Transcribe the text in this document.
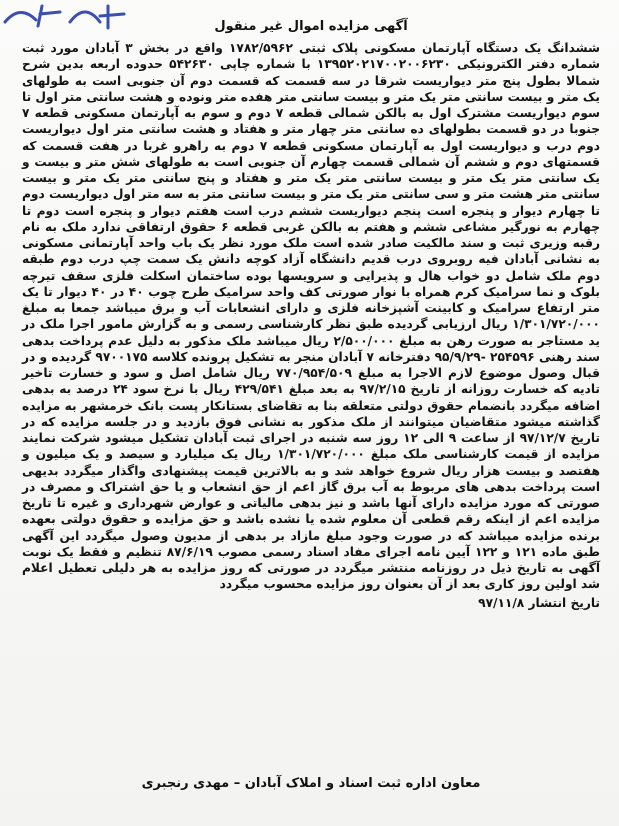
آگهی مزایده اموال غیر منقول

ششدانگ یک دستگاه آپارتمان مسکونی پلاک ثبتی ۱۷۸۲/۵۹۶۲ واقع در بخش ۳ آبادان مورد ثبت شماره دفتر الکترونیکی ۱۳۹۵۲۰۲۱۷۰۰۲۰۰۶۲۳۰ با شماره چاپی ۵۴۲۶۳۰ حدوده اربعه بدین شرح شمالا بطول پنج متر دیواریست شرقا در سه قسمت که قسمت دوم آن جنوبی است به طولهای یک متر و بیست سانتی متر یک متر و بیست سانتی متر هفده متر ونوده و هشت سانتی متر اول تا سوم دیواریست مشترک اول به بالکن شمالی قطعه ۷ دوم و سوم به آپارتمان مسکونی قطعه ۷ جنوبا در دو قسمت بطولهای ده سانتی متر چهار متر و هفتاد و هشت سانتی متر اول دیواریست دوم درب و دیواریست اول به آپارتمان مسکونی قطعه ۷ دوم به راهرو غربا در هفت قسمت که قسمتهای دوم و ششم آن شمالی قسمت چهارم آن جنوبی است به طولهای شش متر و بیست و یک سانتی متر یک متر و بیست سانتی متر یک متر و هفتاد و پنج سانتی متر یک متر و بیست سانتی متر هشت متر و سی سانتی متر یک متر و بیست سانتی متر به سه متر اول دیواریست دوم تا چهارم دیوار و پنجره است پنجم دیواریست ششم درب است هفتم دیوار و پنجره است دوم تا چهارم به نورگیر مشاعی ششم و هفتم به بالکن غربی قطعه ۶ حقوق ارتفاقی ندارد ملک به نام رقبه وزیری ثبت و سند مالکیت صادر شده است ملک مورد نظر یک باب واحد آپارتمانی مسکونی به نشانی آبادان فیه روبروی درب قدیم دانشگاه آزاد کوچه دانش یک سمت چپ درب دوم طبقه دوم ملک شامل دو خواب هال و پذیرایی و سرویسها بوده ساختمان اسکلت فلزی سقف تیرچه بلوک و نما سرامیک کرم همراه با نوار صورتی کف واحد سرامیک طرح چوب ۴۰ در ۴۰ دیوار تا یک متر ارتفاع سرامیک و کابینت آشپزخانه فلزی و دارای انشعابات آب و برق میباشد جمعا به مبلغ ۱/۳۰۱/۷۲۰/۰۰۰ ریال ارزیابی گردیده طبق نظر کارشناسی رسمی و به گزارش مامور اجرا ملک در ید مستاجر به صورت رهن به مبلغ ۲/۵۰۰/۰۰۰ ریال میباشد ملک مذکور به دلیل عدم پرداخت بدهی سند رهنی ۲۵۴۵۹۶ -۹۵/۹/۲۹ دفترخانه ۷ آبادان منجر به تشکیل پرونده کلاسه ۹۷۰۰۱۷۵ گردیده و در قبال وصول موضوع لازم الاجرا به مبلغ ۷۷۰/۹۵۴/۵۰۹ ریال شامل اصل و سود و خسارت تاخیر تادیه که خسارت روزانه از تاریخ ۹۷/۲/۱۵ به بعد مبلغ ۴۲۹/۵۴۱ ریال با نرخ سود ۲۴ درصد به بدهی اضافه میگردد بانضمام حقوق دولتی متعلقه بنا به تقاضای بستانکار پست بانک خرمشهر به مزایده گذاشته میشود متقاضیان میتوانند از ملک مذکور به نشانی فوق بازدید و در جلسه مزایده که در تاریخ ۹۷/۱۲/۷ از ساعت ۹ الی ۱۲ روز سه شنبه در اجرای ثبت آبادان تشکیل میشود شرکت نمایند مزایده از قیمت کارشناسی ملک مبلغ ۱/۳۰۱/۷۲۰/۰۰۰ ریال یک میلیارد و سیصد و یک میلیون و هفتصد و بیست هزار ریال شروع خواهد شد و به بالاترین قیمت پیشنهادی واگذار میگردد بدیهی است پرداخت بدهی های مربوط به آب برق گاز اعم از حق انشعاب و یا حق اشتراک و مصرف در صورتی که مورد مزایده دارای آنها باشد و نیز بدهی مالیاتی و عوارض شهرداری و غیره تا تاریخ مزایده اعم از اینکه رقم قطعی آن معلوم شده یا نشده باشد و حق مزایده و حقوق دولتی بعهده برنده مزایده میباشد که در صورت وجود مبلغ مازاد بر بدهی از مدیون وصول میگردد این آگهی طبق ماده ۱۲۱ و ۱۲۲ آیین نامه اجرای مفاد اسناد رسمی مصوب ۸۷/۶/۱۹ تنظیم و فقط یک نوبت آگهی به تاریخ ذیل در روزنامه منتشر میگردد در صورتی که روز مزایده به هر دلیلی تعطیل اعلام شد اولین روز کاری بعد از آن بعنوان روز مزایده محسوب میگردد

تاریخ انتشار ۹۷/۱۱/۸
معاون اداره ثبت اسناد و املاک آبادان – مهدی رنجبری
